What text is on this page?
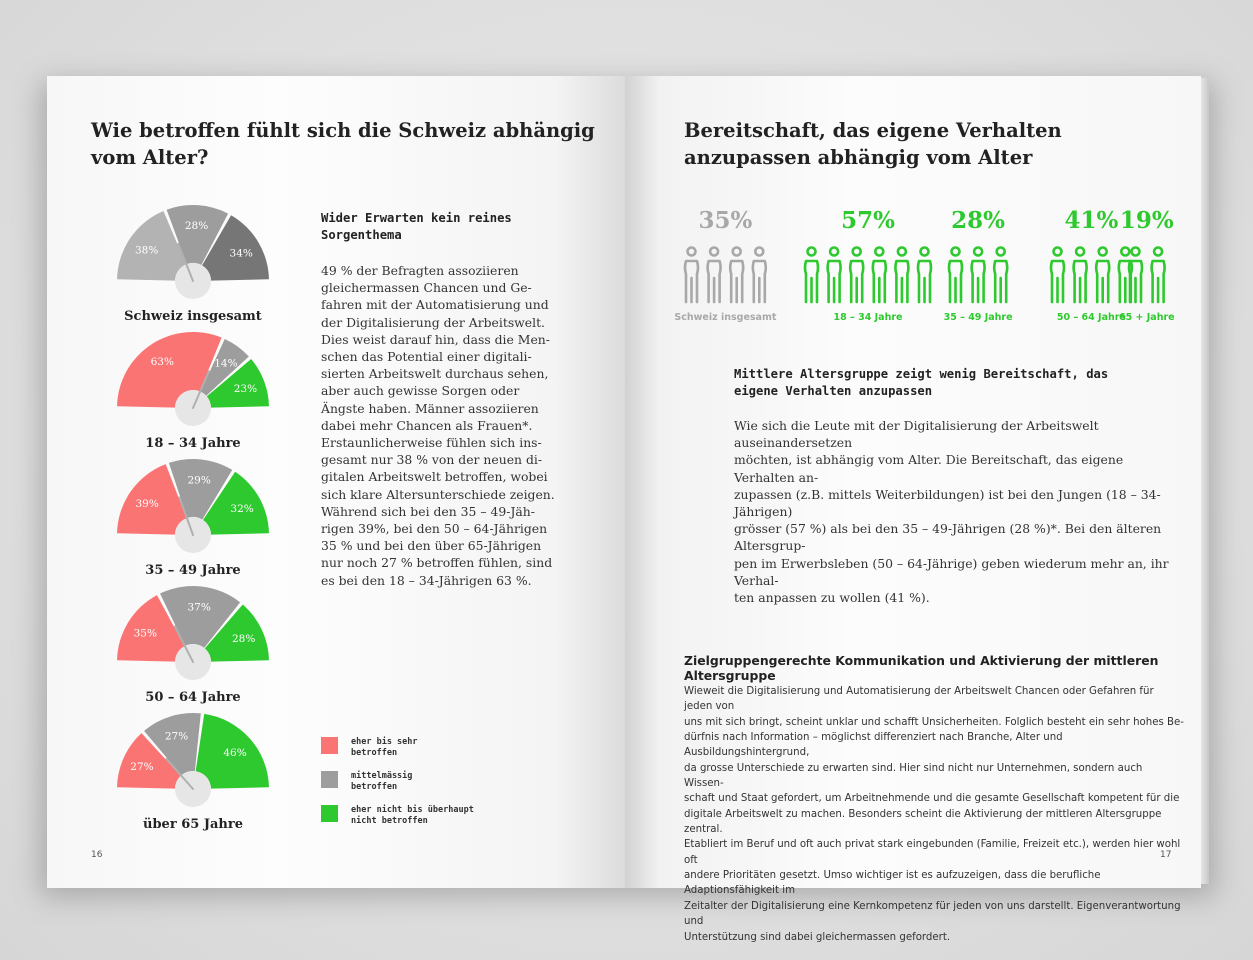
Wie betroffen fühlt sich die Schweiz abhängig vom Alter?
38%
28%
34%
Schweiz insgesamt
63%	14%
23%
18 – 34 Jahre
39%
29%
32%
35 – 49 Jahre
35%
37%
28%
50 – 64 Jahre
27%
27%
46%
über 65 Jahre
Wider Erwarten kein reines Sorgenthema
49 % der Befragten assoziieren
gleichermassen Chancen und Ge-
fahren mit der Automatisierung und
der Digitalisierung der Arbeitswelt.
Dies weist darauf hin, dass die Men-
schen das Potential einer digitali-
sierten Arbeitswelt durchaus sehen,
aber auch gewisse Sorgen oder
Ängste haben. Männer assoziieren
dabei mehr Chancen als Frauen*.
Erstaunlicherweise fühlen sich ins-
gesamt nur 38 % von der neuen di-
gitalen Arbeitswelt betroffen, wobei
sich klare Altersunterschiede zeigen.
Während sich bei den 35 – 49-Jäh-
rigen 39%, bei den 50 – 64-Jährigen
35 % und bei den über 65-Jährigen
nur noch 27 % betroffen fühlen, sind
es bei den 18 – 34-Jährigen 63 %.
eher bis sehr
betroffen
mittelmässig
betroffen
eher nicht bis überhaupt
nicht betroffen
16
Bereitschaft, das eigene Verhalten anzupassen abhängig vom Alter
35%
Schweiz insgesamt
57%
18 – 34 Jahre
28%
35 – 49 Jahre
41%
50 – 64 Jahre
19%
65 + Jahre
Mittlere Altersgruppe zeigt wenig Bereitschaft, das eigene Verhalten anzupassen
Wie sich die Leute mit der Digitalisierung der Arbeitswelt auseinandersetzen
möchten, ist abhängig vom Alter. Die Bereitschaft, das eigene Verhalten an-
zupassen (z.B. mittels Weiterbildungen) ist bei den Jungen (18 – 34-Jährigen)
grösser (57 %) als bei den 35 – 49-Jährigen (28 %)*. Bei den älteren Altersgrup-
pen im Erwerbsleben (50 – 64-Jährige) geben wiederum mehr an, ihr Verhal-
ten anpassen zu wollen (41 %).
Zielgruppengerechte Kommunikation und Aktivierung der mittleren Altersgruppe
Wieweit die Digitalisierung und Automatisierung der Arbeitswelt Chancen oder Gefahren für jeden von
uns mit sich bringt, scheint unklar und schafft Unsicherheiten. Folglich besteht ein sehr hohes Be-
dürfnis nach Information – möglichst differenziert nach Branche, Alter und Ausbildungshintergrund,
da grosse Unterschiede zu erwarten sind. Hier sind nicht nur Unternehmen, sondern auch Wissen-
schaft und Staat gefordert, um Arbeitnehmende und die gesamte Gesellschaft kompetent für die
digitale Arbeitswelt zu machen. Besonders scheint die Aktivierung der mittleren Altersgruppe zentral.
Etabliert im Beruf und oft auch privat stark eingebunden (Familie, Freizeit etc.), werden hier wohl oft
andere Prioritäten gesetzt. Umso wichtiger ist es aufzuzeigen, dass die berufliche Adaptionsfähigkeit im
Zeitalter der Digitalisierung eine Kernkompetenz für jeden von uns darstellt. Eigenverantwortung und
Unterstützung sind dabei gleichermassen gefordert.
17
